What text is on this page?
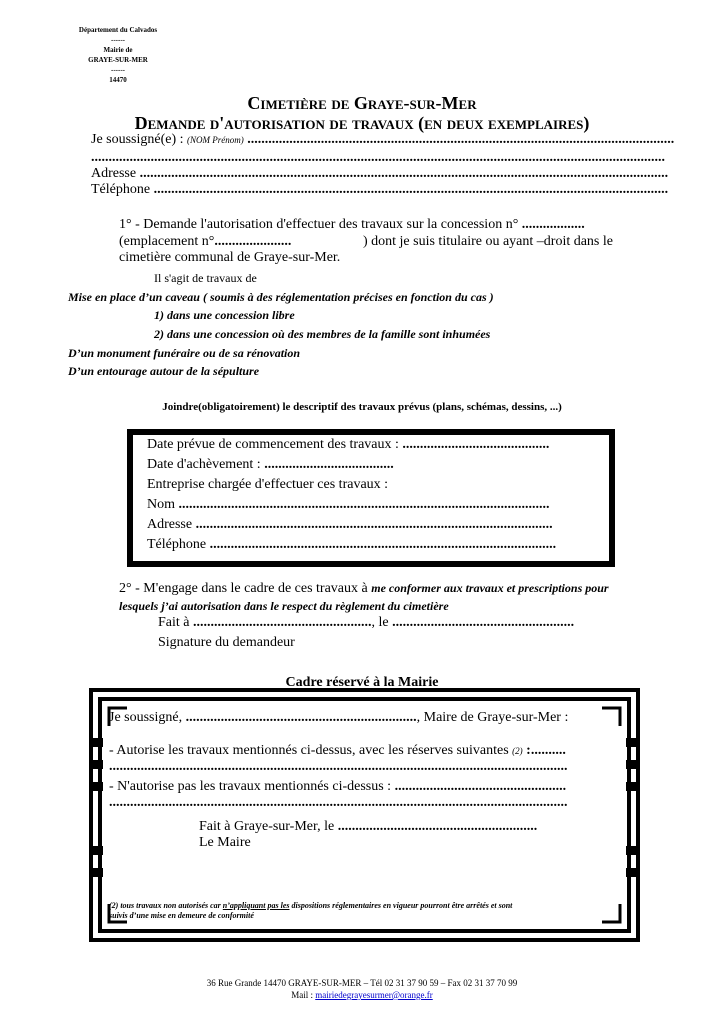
Département du Calvados
------
Mairie de
GRAYE-SUR-MER
------
14470
Cimetière de Graye-sur-Mer
Demande d'autorisation de travaux (en deux exemplaires)
Je soussigné(e) : (NOM Prénom) ..........................................................................................................................
....................................................................................................................................................................
Adresse .......................................................................................................................................................
Téléphone ...................................................................................................................................................
1° - Demande l'autorisation d'effectuer des travaux sur la concession n° ..................
(emplacement n°......................	) dont je suis titulaire ou ayant –droit dans le
cimetière communal de Graye-sur-Mer.
Il s'agit de travaux de
Mise en place d’un caveau ( soumis à des réglementation précises en fonction du cas )
1) dans une concession libre
2) dans une concession où des membres de la famille sont inhumées
D’un monument funéraire ou de sa rénovation
D’un entourage autour de la sépulture
Joindre(obligatoirement) le descriptif des travaux prévus (plans, schémas, dessins, ...)
Date prévue de commencement des travaux : ..........................................
Date d'achèvement : .....................................
Entreprise chargée d'effectuer ces travaux :
Nom ..........................................................................................................
Adresse ......................................................................................................
Téléphone ...................................................................................................
2° - M'engage dans le cadre de ces travaux à me conformer aux travaux et prescriptions pour
lesquels j’ai autorisation dans le respect du règlement du cimetière
Fait à ..................................................., le ....................................................
Signature du demandeur
Cadre réservé à la Mairie
Je soussigné, .................................................................., Maire de Graye-sur-Mer :
- Autorise les travaux mentionnés ci-dessus, avec les réserves suivantes (2) :..........
...................................................................................................................................
- N'autorise pas les travaux mentionnés ci-dessus : .................................................
...................................................................................................................................
Fait à Graye-sur-Mer, le .........................................................
Le Maire
(2) tous travaux non autorisés car n’appliquant pas les dispositions réglementaires en vigueur pourront être arrêtés et sont
suivis d’une mise en demeure de conformité
36 Rue Grande 14470 GRAYE-SUR-MER – Tél 02 31 37 90 59 – Fax 02 31 37 70 99
Mail : mairiedegrayesurmer@orange.fr
